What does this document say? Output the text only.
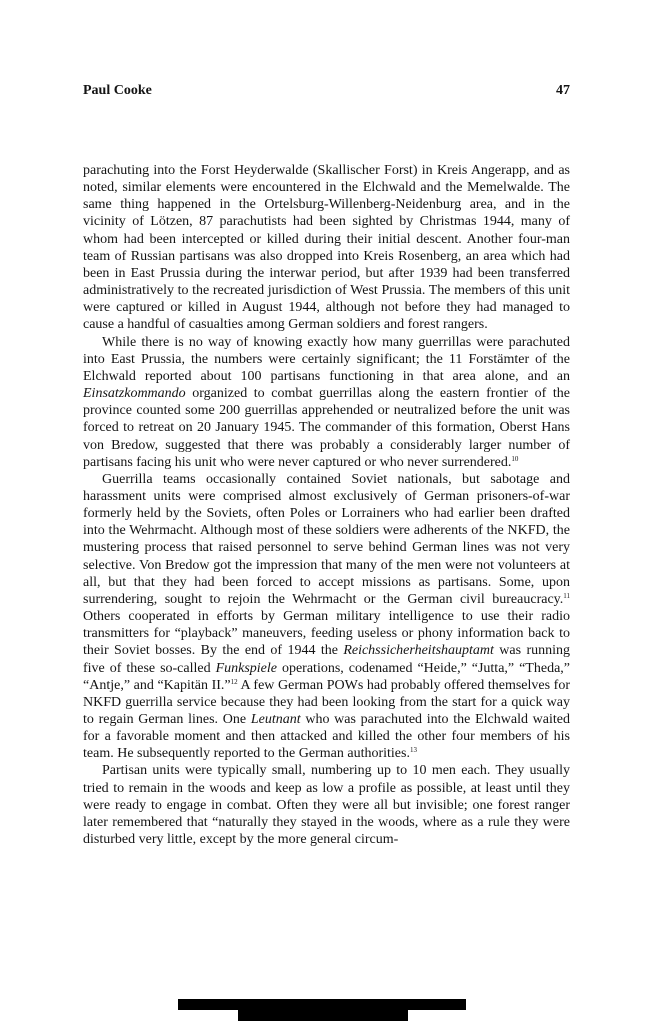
Paul Cooke	47

parachuting into the Forst Heyderwalde (Skallischer Forst) in Kreis Angerapp, and as noted, similar elements were encountered in the Elchwald and the Memelwalde. The same thing happened in the Ortelsburg-Willenberg-Neidenburg area, and in the vicinity of Lötzen, 87 parachutists had been sighted by Christmas 1944, many of whom had been intercepted or killed during their initial descent. Another four-man team of Russian partisans was also dropped into Kreis Rosenberg, an area which had been in East Prussia during the interwar period, but after 1939 had been transferred administratively to the recreated jurisdiction of West Prussia. The members of this unit were captured or killed in August 1944, although not before they had managed to cause a handful of casualties among German soldiers and forest rangers.

While there is no way of knowing exactly how many guerrillas were parachuted into East Prussia, the numbers were certainly significant; the 11 Forstämter of the Elchwald reported about 100 partisans functioning in that area alone, and an Einsatzkommando organized to combat guerrillas along the eastern frontier of the province counted some 200 guerrillas apprehended or neutralized before the unit was forced to retreat on 20 January 1945. The commander of this formation, Oberst Hans von Bredow, suggested that there was probably a considerably larger number of partisans facing his unit who were never captured or who never surrendered.$^{10}$

Guerrilla teams occasionally contained Soviet nationals, but sabotage and harassment units were comprised almost exclusively of German prisoners-of-war formerly held by the Soviets, often Poles or Lorrainers who had earlier been drafted into the Wehrmacht. Although most of these soldiers were adherents of the NKFD, the mustering process that raised personnel to serve behind German lines was not very selective. Von Bredow got the impression that many of the men were not volunteers at all, but that they had been forced to accept missions as partisans. Some, upon surrendering, sought to rejoin the Wehrmacht or the German civil bureaucracy.$^{11}$ Others cooperated in efforts by German military intelligence to use their radio transmitters for “playback” maneuvers, feeding useless or phony information back to their Soviet bosses. By the end of 1944 the Reichssicherheitshauptamt was running five of these so-called Funkspiele operations, codenamed “Heide,” “Jutta,” “Theda,” “Antje,” and “Kapitän II.”$^{12}$ A few German POWs had probably offered themselves for NKFD guerrilla service because they had been looking from the start for a quick way to regain German lines. One Leutnant who was parachuted into the Elchwald waited for a favorable moment and then attacked and killed the other four members of his team. He subsequently reported to the German authorities.$^{13}$

Partisan units were typically small, numbering up to 10 men each. They usually tried to remain in the woods and keep as low a profile as possible, at least until they were ready to engage in combat. Often they were all but invisible; one forest ranger later remembered that “naturally they stayed in the woods, where as a rule they were disturbed very little, except by the more general circum-
